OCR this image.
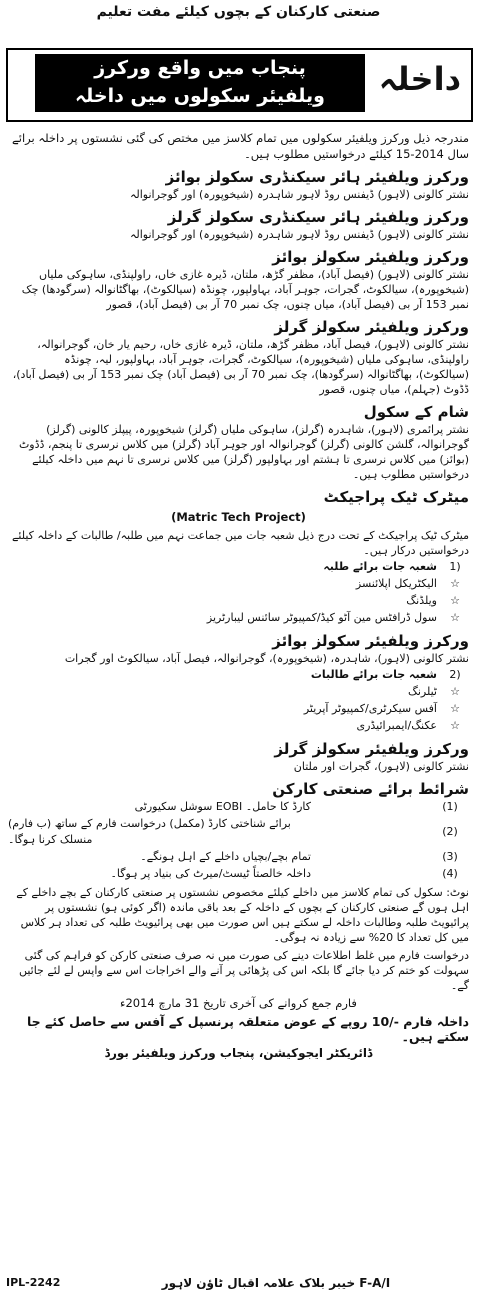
صنعتی کارکنان کے بچوں کیلئے مفت تعلیم
داخلہ
پنجاب میں واقع ورکرز
ویلفیئر سکولوں میں داخلہ

مندرجہ ذیل ورکرز ویلفیئر سکولوں میں تمام کلاسز میں مختص کی گئی نشستوں پر داخلہ برائے سال 2014-15 کیلئے درخواستیں مطلوب ہیں۔

ورکرز ویلفیئر ہائر سیکنڈری سکولز بوائز

نشتر کالونی (لاہور) ڈیفنس روڈ لاہور شاہدرہ (شیخوپورہ) اور گوجرانوالہ

ورکرز ویلفیئر ہائر سیکنڈری سکولز گرلز

نشتر کالونی (لاہور) ڈیفنس روڈ لاہور شاہدرہ (شیخوپورہ) اور گوجرانوالہ

ورکرز ویلفیئر سکولز بوائز

نشتر کالونی (لاہور) (فیصل آباد)، مظفر گڑھ، ملتان، ڈیرہ غازی خاں، راولپنڈی، ساہوکی ملیاں (شیخوپورہ)، سیالکوٹ، گجرات، جوہر آباد، بہاولپور، چونڈہ (سیالکوٹ)، بھاگٹانوالہ (سرگودھا) چک نمبر 153 آر بی (فیصل آباد)، میاں چنوں، چک نمبر 70 آر بی (فیصل آباد)، قصور

ورکرز ویلفیئر سکولز گرلز

نشتر کالونی (لاہور)، فیصل آباد، مظفر گڑھ، ملتان، ڈیرہ غازی خاں، رحیم یار خان، گوجرانوالہ، راولپنڈی، ساہوکی ملیاں (شیخوپورہ)، سیالکوٹ، گجرات، جوہر آباد، بہاولپور، لیہ، چونڈہ (سیالکوٹ)، بھاگٹانوالہ (سرگودھا)، چک نمبر 70 آر بی (فیصل آباد) چک نمبر 153 آر بی (فیصل آباد)، ڈڈوٹ (جہلم)، میاں چنوں، قصور

شام کے سکول

نشتر پرائمری (لاہور)، شاہدرہ (گرلز)، ساہوکی ملیاں (گرلز) شیخوپورہ، پیپلز کالونی (گرلز) گوجرانوالہ، گلشن کالونی (گرلز) گوجرانوالہ اور جوہر آباد (گرلز) میں کلاس نرسری تا پنجم، ڈڈوٹ (بوائز) میں کلاس نرسری تا ہشتم اور بہاولپور (گرلز) میں کلاس نرسری تا نہم میں داخلہ کیلئے درخواستیں مطلوب ہیں۔

میٹرک ٹیک پراجیکٹ
(Matric Tech Project)

میٹرک ٹیک پراجیکٹ کے تحت درج ذیل شعبہ جات میں جماعت نہم میں طلبہ/ طالبات کے داخلہ کیلئے درخواستیں درکار ہیں۔

1)
شعبہ جات برائے طلبہ
☆
الیکٹریکل اپلائنسز
☆
ویلڈنگ
☆
سول ڈرافٹس مین آٹو کیڈ/کمپیوٹر سائنس لیبارٹریز
ورکرز ویلفیئر سکولز بوائز

نشتر کالونی (لاہور)، شاہدرہ، (شیخوپورہ)، گوجرانوالہ، فیصل آباد، سیالکوٹ اور گجرات

2)
شعبہ جات برائے طالبات
☆
ٹیلرنگ
☆
آفس سیکرٹری/کمپیوٹر آپریٹر
☆
عکنگ/ایمبرائیڈری
ورکرز ویلفیئر سکولز گرلز

نشتر کالونی (لاہور)، گجرات اور ملتان

شرائط برائے صنعتی کارکن
(1)
سوشل سکیورٹی EOBI کارڈ کا حامل۔
(2)
(ب فارم) برائے شناختی کارڈ (مکمل) درخواست فارم کے ساتھ منسلک کرنا ہوگا۔
(3)
تمام بچے/بچیاں داخلے کے اہل ہونگے۔
(4)
داخلہ خالصتاً ٹیسٹ/میرٹ کی بنیاد پر ہوگا۔

نوٹ: سکول کی تمام کلاسز میں داخلے کیلئے مخصوص نشستوں پر صنعتی کارکنان کے بچے داخلے کے اہل ہوں گے صنعتی کارکنان کے بچوں کے داخلہ کے بعد باقی ماندہ (اگر کوئی ہو) نشستوں پر پرائیویٹ طلبہ وطالبات داخلہ لے سکتے ہیں اس صورت میں بھی پرائیویٹ طلبہ کی تعداد ہر کلاس میں کل تعداد کا 20% سے زیادہ نہ ہوگی۔

درخواست فارم میں غلط اطلاعات دینے کی صورت میں نہ صرف صنعتی کارکن کو فراہم کی گئی سہولت کو ختم کر دیا جائے گا بلکہ اس کی پڑھائی پر آنے والے اخراجات اس سے واپس لے لئے جائیں گے۔

فارم جمع کروانے کی آخری تاریخ 31 مارچ 2014ء
داخلہ فارم -/10 روپے کے عوض متعلقہ پرنسپل کے آفس سے حاصل کئے جا سکتے ہیں۔
ڈائریکٹر ایجوکیشن، پنجاب ورکرز ویلفیئر بورڈ
IPL-2242	F-A/I خیبر بلاک علامہ اقبال ٹاؤن لاہور
